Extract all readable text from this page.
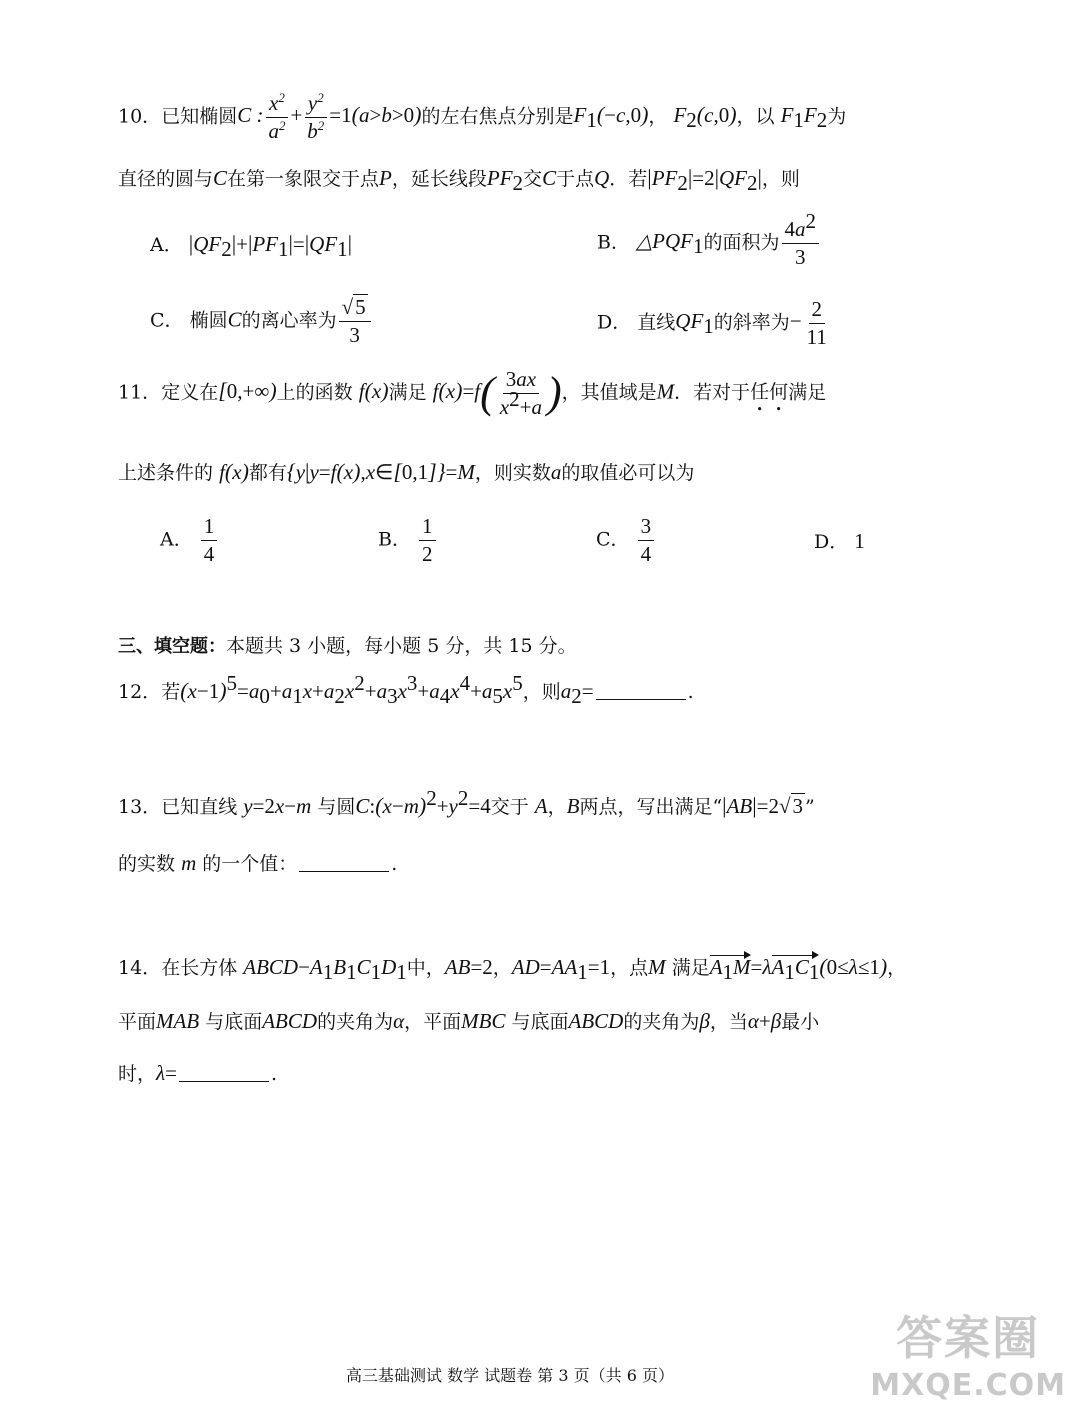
10．已知椭圆C : $\frac{x^2}{a^2} + \frac{y^2}{b^2} =1(a>b>0)$的左右焦点分别是$F_1(-c,0)$， $F_2(c,0)$，以 $F_1F_2$为
直径的圆与C在第一象限交于点P，延长线段$PF_2$交C于点Q．若$|PF_2|=2|QF_2|$，则
A． $|QF_2|+|PF_1|=|QF_1|$	B． $\triangle PQF_1$的面积为 $\frac{4a^2}{3}$
C． 椭圆C的离心率为 $\frac{√5}{3}$	D． 直线$QF_1$的斜率为− $\frac{2}{11}$
11．定义在[0,+∞)上的函数 f(x)满足 $f(x)=f( \frac{3ax}{x^2+a}$ )，其值域是M．若对于任何满足
上述条件的 f(x)都有{y|y=f(x),x∈[0,1]}=M，则实数a的取值必可以为
A． $\frac{1}{4}$	B． $\frac{1}{2}$	C． $\frac{3}{4}$	D． 1
三、填空题：本题共 3 小题，每小题 5 分，共 15 分。
12．若$(x-1)^5=a_0+a_1x+a_2x^2+a_3x^3+a_4x^4+a_5x^5$，则$a_2=$	.
13．已知直线 y=2x−m 与圆$C:(x-m)^2+y^2=4$交于 A，B两点，写出满足“|AB|=2√3 ”
的实数 m 的一个值：	.
14．在长方体 $ABCD-A_1B_1C_1D_1$中，AB=2，$AD=AA_1=1$，点M 满足$A_1M=\lambda A_1C_1(0\le\lambda\le 1)$，
平面MAB 与底面ABCD的夹角为α，平面MBC 与底面ABCD的夹角为β，当α+β最小
时，λ=	.
高三基础测试 数学 试题卷 第 3 页（共 6 页）
答案圈
MXQE.COM
